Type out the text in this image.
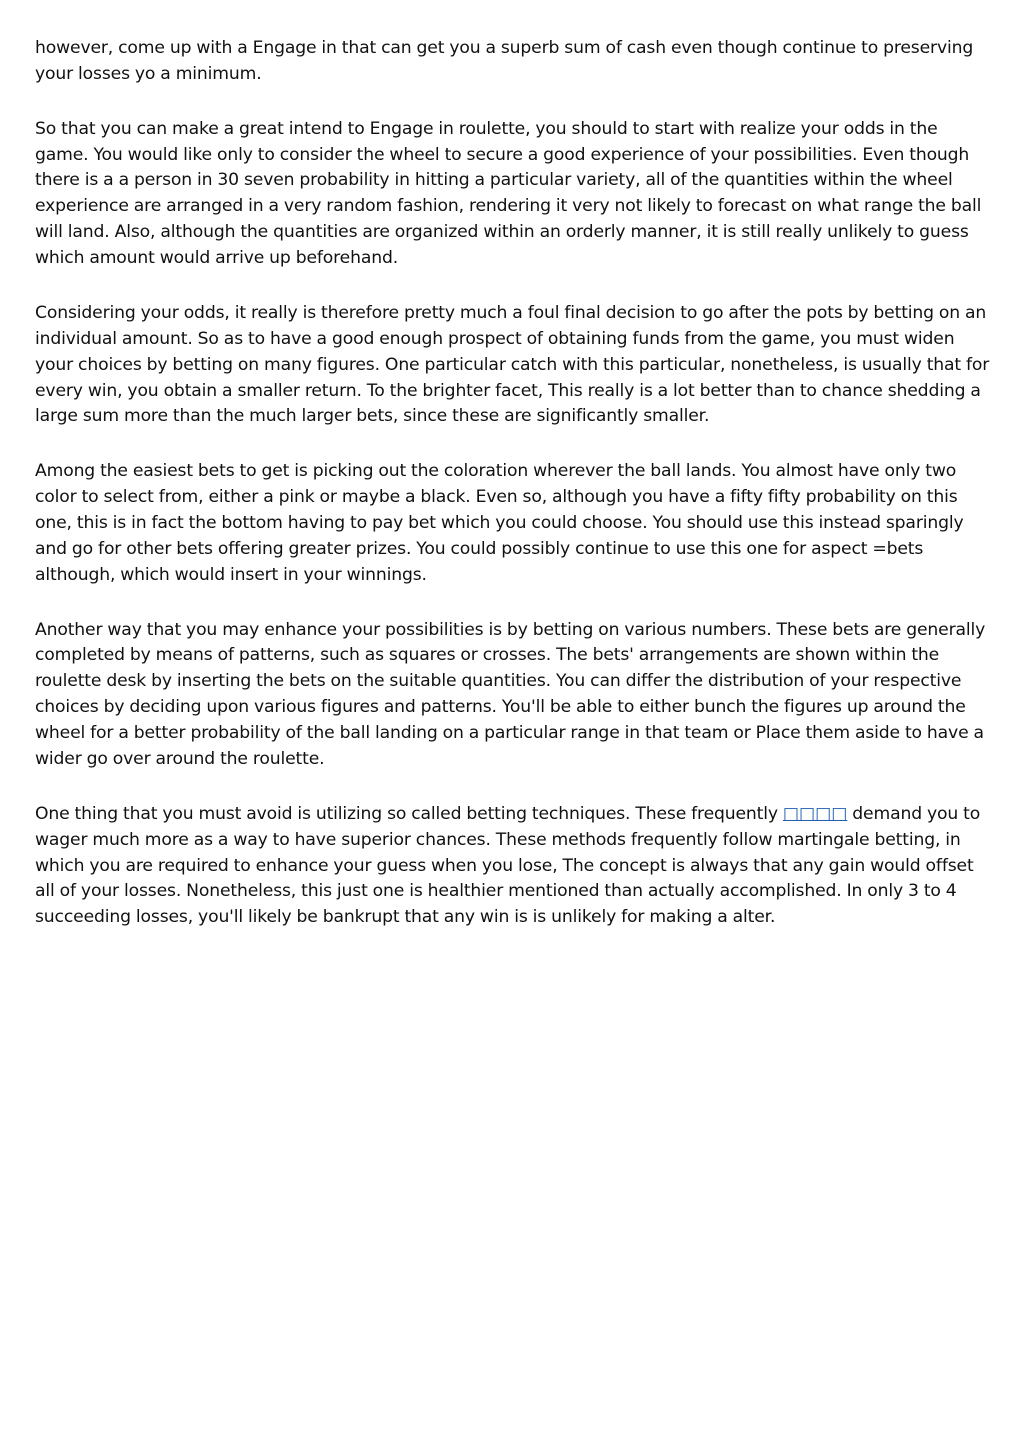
however, come up with a Engage in that can get you a superb sum of cash even though continue to preserving your losses yo a minimum.

So that you can make a great intend to Engage in roulette, you should to start with realize your odds in the game. You would like only to consider the wheel to secure a good experience of your possibilities. Even though there is a a person in 30 seven probability in hitting a particular variety, all of the quantities within the wheel experience are arranged in a very random fashion, rendering it very not likely to forecast on what range the ball will land. Also, although the quantities are organized within an orderly manner, it is still really unlikely to guess which amount would arrive up beforehand.

Considering your odds, it really is therefore pretty much a foul final decision to go after the pots by betting on an individual amount. So as to have a good enough prospect of obtaining funds from the game, you must widen your choices by betting on many figures. One particular catch with this particular, nonetheless, is usually that for every win, you obtain a smaller return. To the brighter facet, This really is a lot better than to chance shedding a large sum more than the much larger bets, since these are significantly smaller.

Among the easiest bets to get is picking out the coloration wherever the ball lands. You almost have only two color to select from, either a pink or maybe a black. Even so, although you have a fifty fifty probability on this one, this is in fact the bottom having to pay bet which you could choose. You should use this instead sparingly and go for other bets offering greater prizes. You could possibly continue to use this one for aspect =bets although, which would insert in your winnings.

Another way that you may enhance your possibilities is by betting on various numbers. These bets are generally completed by means of patterns, such as squares or crosses. The bets' arrangements are shown within the roulette desk by inserting the bets on the suitable quantities. You can differ the distribution of your respective choices by deciding upon various figures and patterns. You'll be able to either bunch the figures up around the wheel for a better probability of the ball landing on a particular range in that team or Place them aside to have a wider go over around the roulette.

One thing that you must avoid is utilizing so called betting techniques. These frequently □□□□ demand you to wager much more as a way to have superior chances. These methods frequently follow martingale betting, in which you are required to enhance your guess when you lose, The concept is always that any gain would offset all of your losses. Nonetheless, this just one is healthier mentioned than actually accomplished. In only 3 to 4 succeeding losses, you'll likely be bankrupt that any win is is unlikely for making a alter.
